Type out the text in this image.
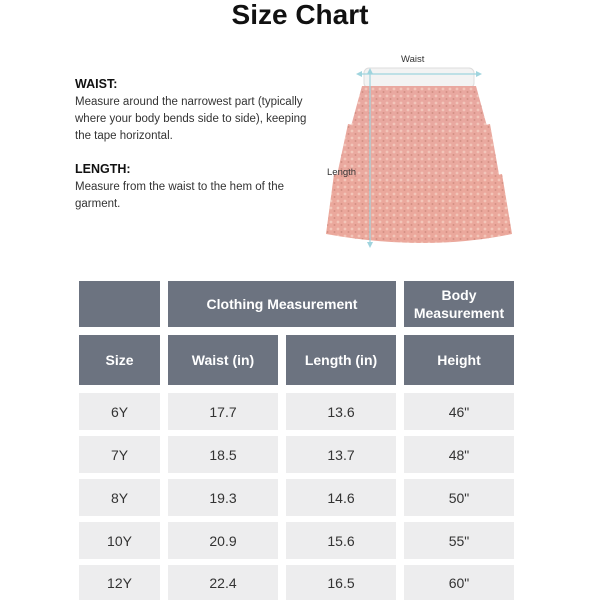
Size Chart
WAIST:
Measure around the narrowest part (typically where your body bends side to side), keeping the tape horizontal.
LENGTH:
Measure from the waist to the hem of the garment.
Waist
Length
Clothing Measurement
Body Measurement
Size	Waist (in)	Length (in)	Height
6Y	17.7	13.6	46"
7Y	18.5	13.7	48"
8Y	19.3	14.6	50"
10Y	20.9	15.6	55"
12Y	22.4	16.5	60"
